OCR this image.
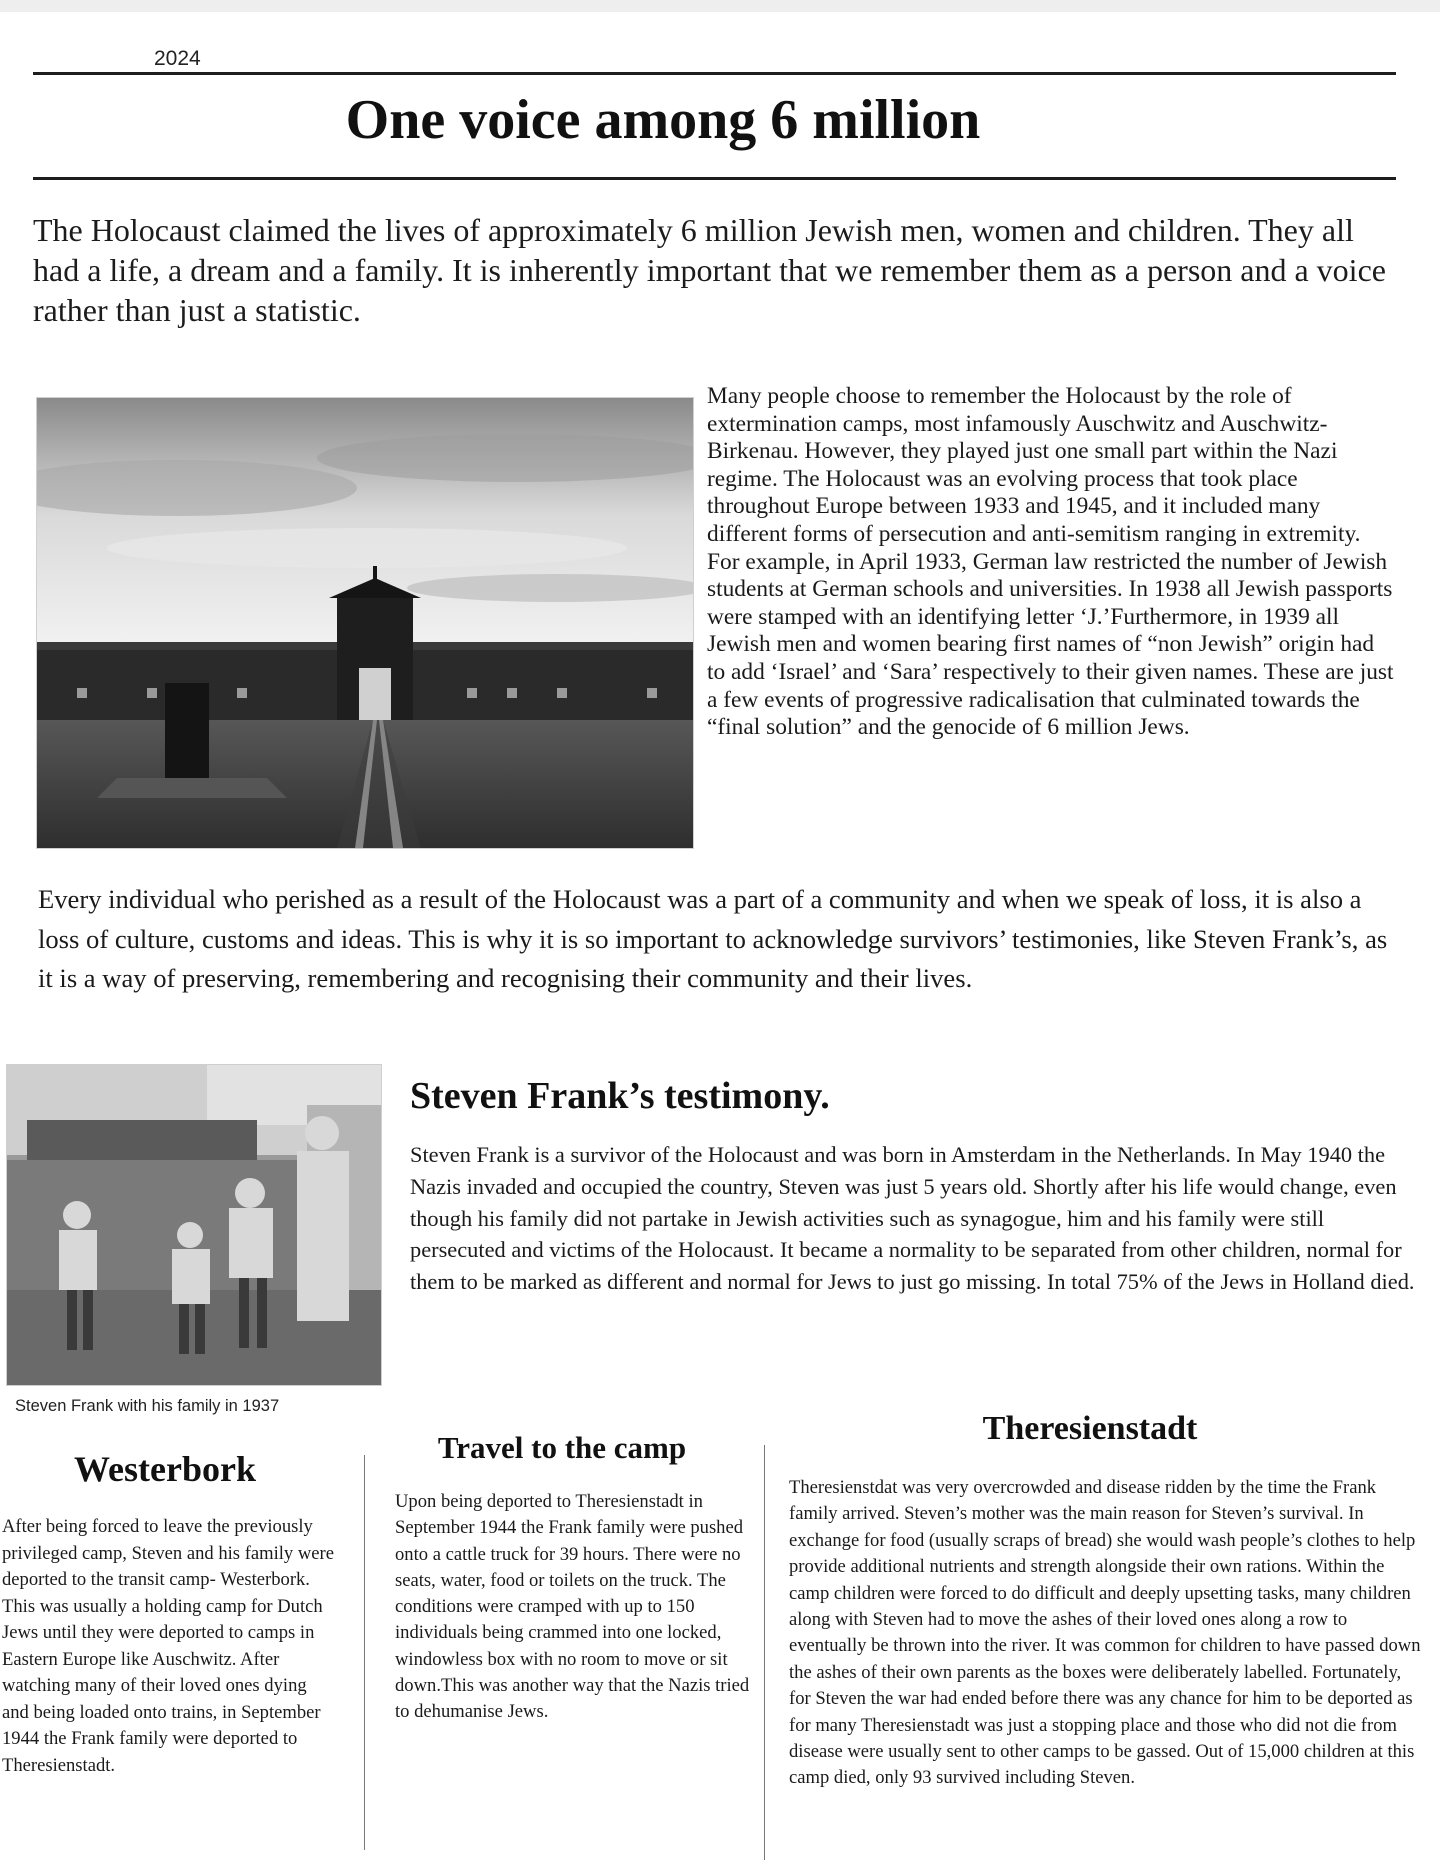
2024
One voice among 6 million

The Holocaust claimed the lives of approximately 6 million Jewish men, women and children. They all had a life, a dream and a family. It is inherently important that we remember them as a person and a voice rather than just a statistic.

Many people choose to remember the Holocaust by the role of extermination camps, most infamously Auschwitz and Auschwitz-Birkenau. However, they played just one small part within the Nazi regime. The Holocaust was an evolving process that took place throughout Europe between 1933 and 1945, and it included many different forms of persecution and anti-semitism ranging in extremity. For example, in April 1933, German law restricted the number of Jewish students at German schools and universities. In 1938 all Jewish passports were stamped with an identifying letter ‘J.’Furthermore, in 1939 all Jewish men and women bearing first names of “non Jewish” origin had to add ‘Israel’ and ‘Sara’ respectively to their given names. These are just a few events of progressive radicalisation that culminated towards the “final solution” and the genocide of 6 million Jews.

Every individual who perished as a result of the Holocaust was a part of a community and when we speak of loss, it is also a loss of culture, customs and ideas. This is why it is so important to acknowledge survivors’ testimonies, like Steven Frank’s, as it is a way of preserving, remembering and recognising their community and their lives.

Steven Frank with his family in 1937
Steven Frank’s testimony.

Steven Frank is a survivor of the Holocaust and was born in Amsterdam in the Netherlands. In May 1940 the Nazis invaded and occupied the country, Steven was just 5 years old. Shortly after his life would change, even though his family did not partake in Jewish activities such as synagogue, him and his family were still persecuted and victims of the Holocaust. It became a normality to be separated from other children, normal for them to be marked as different and normal for Jews to just go missing. In total 75% of the Jews in Holland died.

Westerbork

After being forced to leave the previously privileged camp, Steven and his family were deported to the transit camp- Westerbork. This was usually a holding camp for Dutch Jews until they were deported to camps in Eastern Europe like Auschwitz. After watching many of their loved ones dying and being loaded onto trains, in September 1944 the Frank family were deported to Theresienstadt.

Travel to the camp

Upon being deported to Theresienstadt in September 1944 the Frank family were pushed onto a cattle truck for 39 hours. There were no seats, water, food or toilets on the truck. The conditions were cramped with up to 150 individuals being crammed into one locked, windowless box with no room to move or sit down.This was another way that the Nazis tried to dehumanise Jews.

Theresienstadt

Theresienstdat was very overcrowded and disease ridden by the time the Frank family arrived. Steven’s mother was the main reason for Steven’s survival. In exchange for food (usually scraps of bread) she would wash people’s clothes to help provide additional nutrients and strength alongside their own rations. Within the camp children were forced to do difficult and deeply upsetting tasks, many children along with Steven had to move the ashes of their loved ones along a row to eventually be thrown into the river. It was common for children to have passed down the ashes of their own parents as the boxes were deliberately labelled. Fortunately, for Steven the war had ended before there was any chance for him to be deported as for many Theresienstadt was just a stopping place and those who did not die from disease were usually sent to other camps to be gassed. Out of 15,000 children at this camp died, only 93 survived including Steven.
